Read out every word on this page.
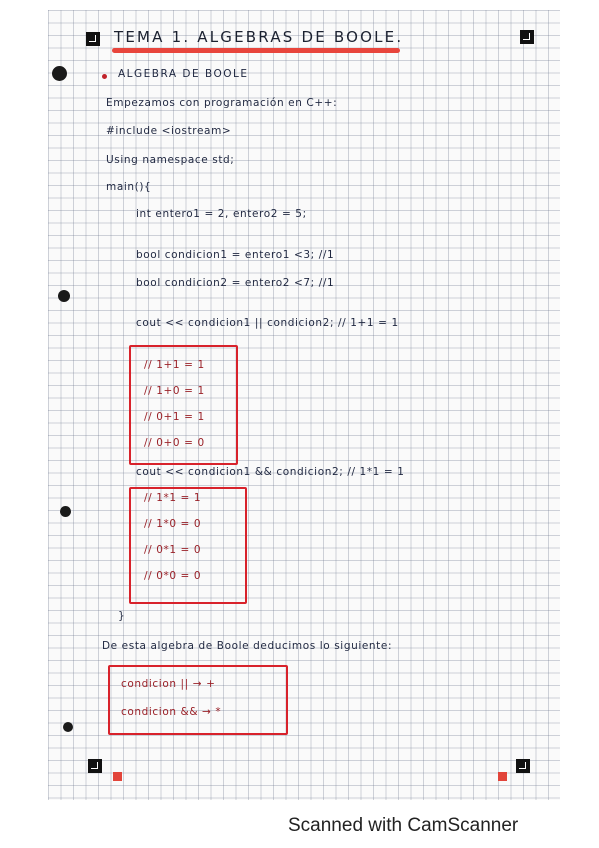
TEMA 1. ALGEBRAS DE BOOLE.
ALGEBRA DE BOOLE
Empezamos con programación en C++:
#include <iostream>
Using namespace std;
main(){
int entero1 = 2, entero2 = 5;
bool condicion1 = entero1 <3; //1
bool condicion2 = entero2 <7; //1
cout << condicion1 || condicion2; // 1+1 = 1
// 1+1 = 1
// 1+0 = 1
// 0+1 = 1
// 0+0 = 0
cout << condicion1 && condicion2; // 1*1 = 1
// 1*1 = 1
// 1*0 = 0
// 0*1 = 0
// 0*0 = 0
}
De esta algebra de Boole deducimos lo siguiente:
condicion || → +
condicion && → *
Scanned with CamScanner
